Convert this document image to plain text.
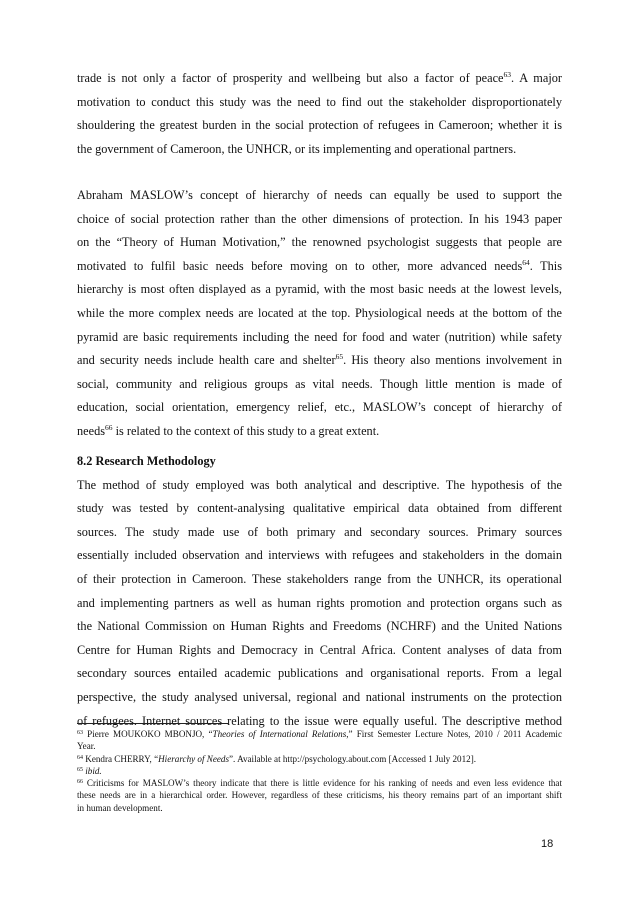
trade is not only a factor of prosperity and wellbeing but also a factor of peace$^{63}$. A major
motivation to conduct this study was the need to find out the stakeholder disproportionately
shouldering the greatest burden in the social protection of refugees in Cameroon; whether it is
the government of Cameroon, the UNHCR, or its implementing and operational partners.
Abraham MASLOW’s concept of hierarchy of needs can equally be used to support the
choice of social protection rather than the other dimensions of protection. In his 1943 paper
on the “Theory of Human Motivation,” the renowned psychologist suggests that people are
motivated to fulfil basic needs before moving on to other, more advanced needs$^{64}$. This
hierarchy is most often displayed as a pyramid, with the most basic needs at the lowest levels,
while the more complex needs are located at the top. Physiological needs at the bottom of the
pyramid are basic requirements including the need for food and water (nutrition) while safety
and security needs include health care and shelter$^{65}$. His theory also mentions involvement in
social, community and religious groups as vital needs. Though little mention is made of
education, social orientation, emergency relief, etc., MASLOW’s concept of hierarchy of
needs$^{66}$ is related to the context of this study to a great extent.
8.2 Research Methodology
The method of study employed was both analytical and descriptive. The hypothesis of the
study was tested by content-analysing qualitative empirical data obtained from different
sources. The study made use of both primary and secondary sources. Primary sources
essentially included observation and interviews with refugees and stakeholders in the domain
of their protection in Cameroon. These stakeholders range from the UNHCR, its operational
and implementing partners as well as human rights promotion and protection organs such as
the National Commission on Human Rights and Freedoms (NCHRF) and the United Nations
Centre for Human Rights and Democracy in Central Africa. Content analyses of data from
secondary sources entailed academic publications and organisational reports. From a legal
perspective, the study analysed universal, regional and national instruments on the protection
of refugees. Internet sources relating to the issue were equally useful. The descriptive method
$^{63}$ Pierre MOUKOKO MBONJO, “Theories of International Relations,” First Semester Lecture Notes, 2010 / 2011 Academic
Year.
$^{64}$ Kendra CHERRY, “Hierarchy of Needs”. Available at http://psychology.about.com [Accessed 1 July 2012].
$^{65}$ ibid.
$^{66}$ Criticisms for MASLOW’s theory indicate that there is little evidence for his ranking of needs and even less evidence that
these needs are in a hierarchical order. However, regardless of these criticisms, his theory remains part of an important shift
in human development.
18
